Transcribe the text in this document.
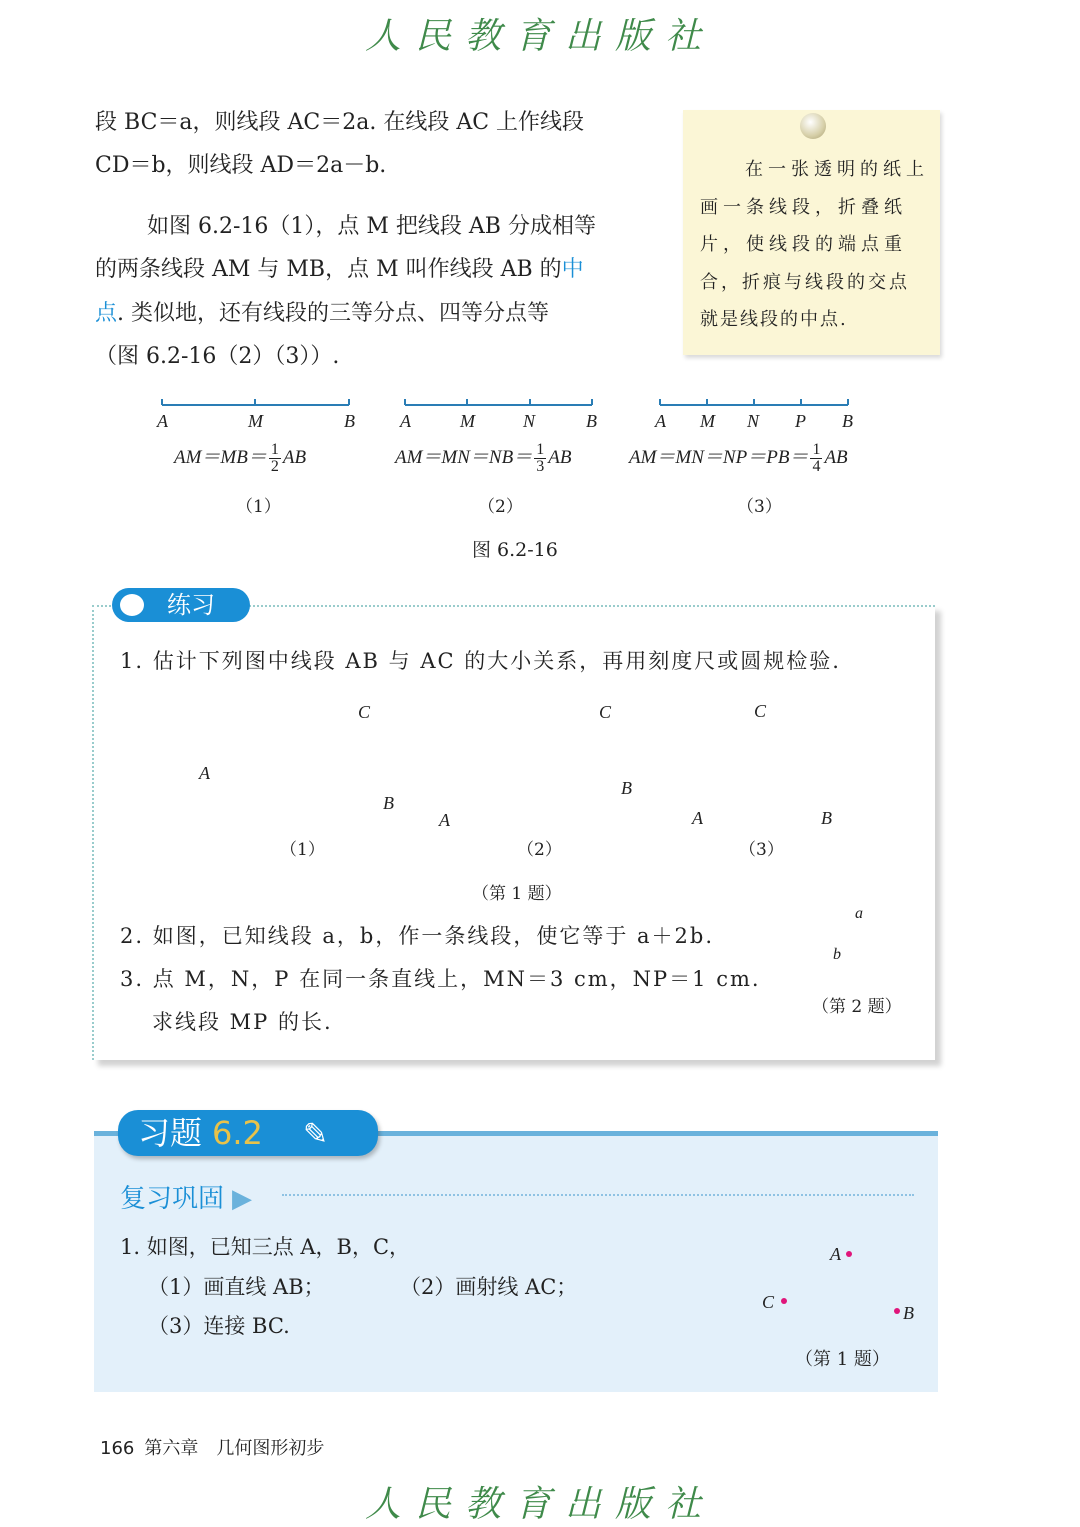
人民教育出版社
段 BC＝a，则线段 AC＝2a. 在线段 AC 上作线段
CD＝b，则线段 AD＝2a－b.
如图 6.2-16（1），点 M 把线段 AB 分成相等
的两条线段 AM 与 MB，点 M 叫作线段 AB 的中
点. 类似地，还有线段的三等分点、四等分点等
（图 6.2-16（2）（3））.
在一张透明的纸上
画一条线段，折叠纸
片，使线段的端点重
合，折痕与线段的交点
就是线段的中点.
A	M	B	A	M	N	B	A M N P B
$AM=MB= \frac{1}{2}$ AB	$AM=MN=NB= \frac{1}{3}$ AB	$AM=MN=NP=PB= \frac{1}{4}$ AB
（1）	（2）	（3）
图 6.2-16
练习
1. 估计下列图中线段 AB 与 AC 的大小关系，再用刻度尺或圆规检验.
A
B
C
A
B
C
A	B
C
（1）	（2）	（3）
（第 1 题）
2. 如图，已知线段 a，b，作一条线段，使它等于 a＋2b.
a
b
（第 2 题）
3. 点 M，N，P 在同一条直线上，MN＝3 cm，NP＝1 cm.
求线段 MP 的长.
习题 6.2 ✎
复习巩固 ▶
1. 如图，已知三点 A，B，C，
（1）画直线 AB；	（2）画射线 AC；
（3）连接 BC.
A
B
C
（第 1 题）
166 第六章　几何图形初步
人民教育出版社
